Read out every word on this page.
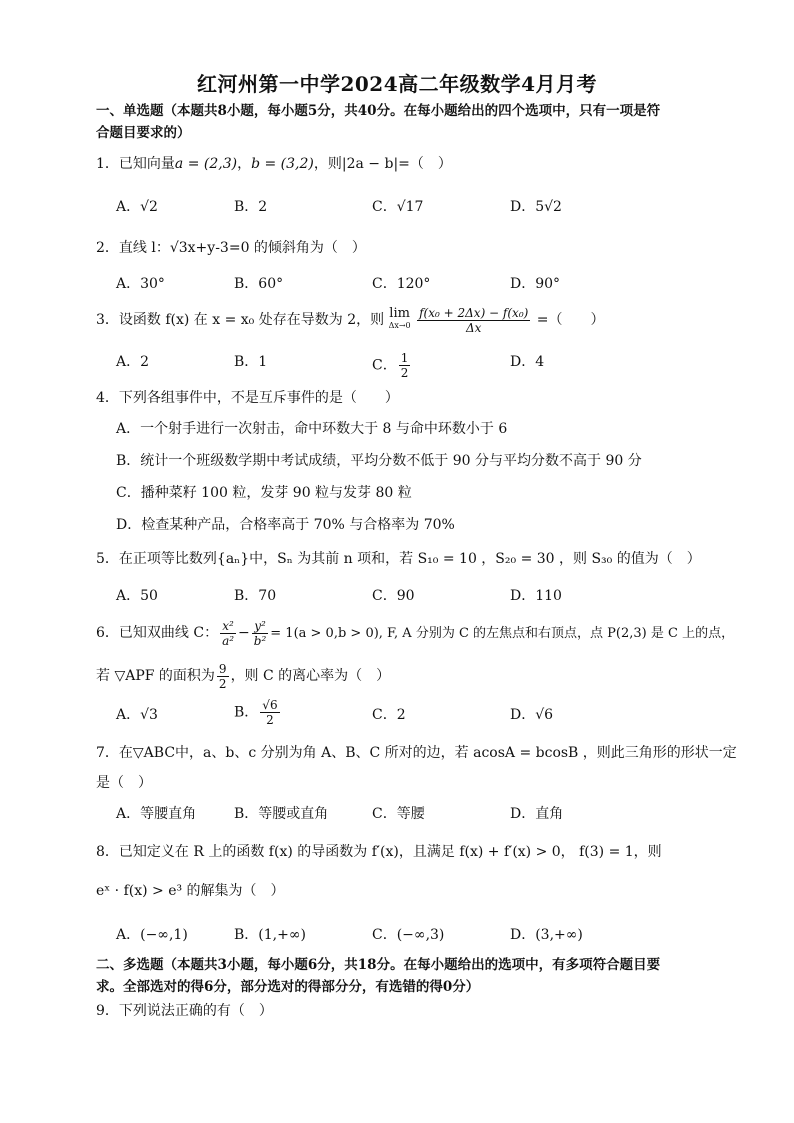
红河州第一中学2024高二年级数学4月月考
一、单选题（本题共8小题，每小题5分，共40分。在每小题给出的四个选项中，只有一项是符
合题目要求的）
1．已知向量a = (2,3)，b = (3,2)，则|2a − b|=（　）
A．√2	B．2	C．√17	D．5√2
2．直线 l：√3x+y-3=0 的倾斜角为（　）
A．30°	B．60°	C．120°	D．90°
3．设函数 f(x) 在 x = x₀ 处存在导数为 2，则 lim
Δx→0
$\frac{\text{f(x₀ + 2Δx) − f(x₀)}}{\Delta x}$ =（　　）
A．2	B．1	C． $\frac{1}{2}$	D．4
4．下列各组事件中，不是互斥事件的是（　　）
A．一个射手进行一次射击，命中环数大于 8 与命中环数小于 6
B．统计一个班级数学期中考试成绩，平均分数不低于 90 分与平均分数不高于 90 分
C．播种菜籽 100 粒，发芽 90 粒与发芽 80 粒
D．检查某种产品，合格率高于 70% 与合格率为 70%
5．在正项等比数列{aₙ}中，Sₙ 为其前 n 项和，若 S₁₀ = 10 ，S₂₀ = 30 ，则 S₃₀ 的值为（　）
A．50	B．70	C．90	D．110
6．已知双曲线 C： $\frac{\text{x²}}{\text{a²}} - \frac{\text{y²}}{\text{b²}} = 1(a > 0,b > 0)$, F, A 分别为 C 的左焦点和右顶点，点 P(2,3) 是 C 上的点，
若 ▽APF 的面积为 $\frac{9}{2}$ ，则 C 的离心率为（　）
A．√3	B． $\frac{√6}{2}$	C．2	D．√6
7．在▽ABC中，a、b、c 分别为角 A、B、C 所对的边，若 acosA = bcosB ，则此三角形的形状一定
是（　）
A．等腰直角	B．等腰或直角	C．等腰	D．直角
8．已知定义在 R 上的函数 f(x) 的导函数为 f′(x)，且满足 f(x) + f′(x) > 0， f(3) = 1，则
eˣ · f(x) > e³ 的解集为（　）
A．(−∞,1)	B．(1,+∞)	C．(−∞,3)	D．(3,+∞)
二、多选题（本题共3小题，每小题6分，共18分。在每小题给出的选项中，有多项符合题目要
求。全部选对的得6分，部分选对的得部分分，有选错的得0分）
9．下列说法正确的有（　）
